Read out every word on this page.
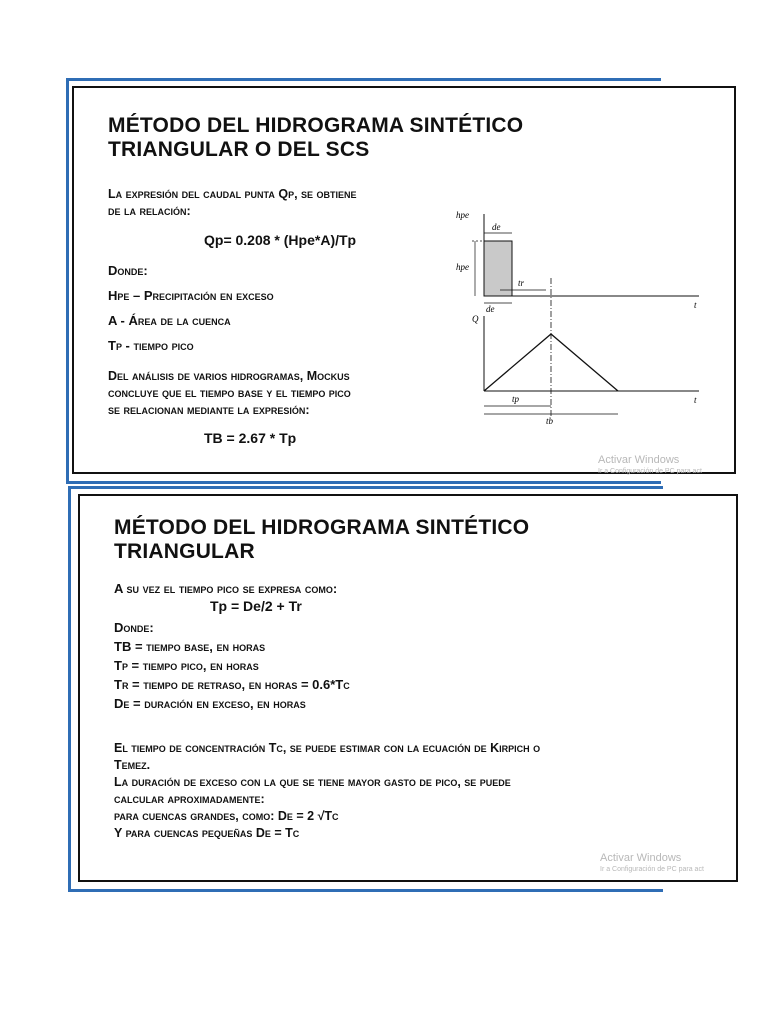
MÉTODO DEL HIDROGRAMA SINTÉTICO
TRIANGULAR O DEL SCS
La expresión del caudal punta Qp, se obtiene
de la relación:
Qp= 0.208 * (Hpe*A)/Tp
Donde:
Hpe – Precipitación en exceso
A - Área de la cuenca
Tp - tiempo pico
Del análisis de varios hidrogramas, Mockus
concluye que el tiempo base y el tiempo pico
se relacionan mediante la expresión:
TB = 2.67 * Tp
hpe
de
hpe
de
tr
t
Q
tp
tb
t
Activar Windows
Ir a Configuración de PC para act
MÉTODO DEL HIDROGRAMA SINTÉTICO
TRIANGULAR
A su vez el tiempo pico se expresa como:
Tp = De/2 + Tr
Donde:
TB = tiempo base, en horas
Tp = tiempo pico, en horas
Tr = tiempo de retraso, en horas = 0.6*Tc
De = duración en exceso, en horas
El tiempo de concentración Tc, se puede estimar con la ecuación de Kirpich o
Temez.
La duración de exceso con la que se tiene mayor gasto de pico, se puede
calcular aproximadamente:
para cuencas grandes, como: De = 2 √Tc
Y para cuencas pequeñas De = Tc
Activar Windows
Ir a Configuración de PC para act
